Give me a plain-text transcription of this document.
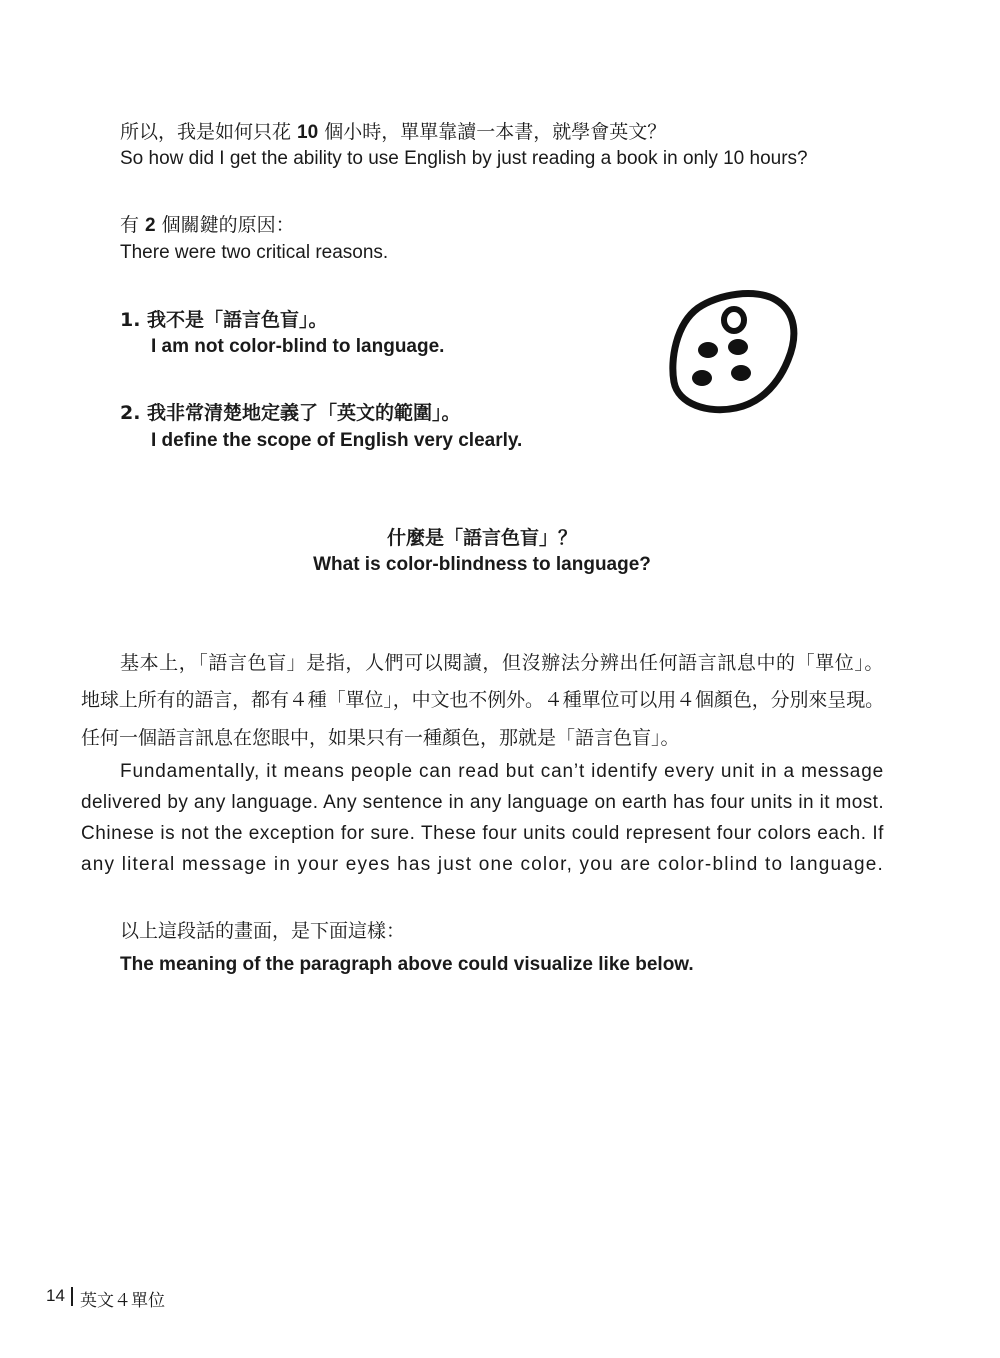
所以，我是如何只花 10 個小時，單單靠讀一本書，就學會英文？
So how did I get the ability to use English by just reading a book in only 10 hours?
有 2 個關鍵的原因：
There were two critical reasons.
1. 我不是「語言色盲」。
I am not color-blind to language.
2. 我非常清楚地定義了「英文的範圍」。
I define the scope of English very clearly.
什麼是「語言色盲」？
What is color-blindness to language?
基本上，「語言色盲」是指，人們可以閱讀，但沒辦法分辨出任何語言訊息中的「單位」。
地球上所有的語言，都有４種「單位」，中文也不例外。４種單位可以用４個顏色，分別來呈現。
任何一個語言訊息在您眼中，如果只有一種顏色，那就是「語言色盲」。
Fundamentally, it means people can read but can’t identify every unit in a message
delivered by any language. Any sentence in any language on earth has four units in it most.
Chinese is not the exception for sure. These four units could represent four colors each. If
any literal message in your eyes has just one color, you are color-blind to language.
以上這段話的畫面，是下面這樣：
The meaning of the paragraph above could visualize like below.
14 英文４單位
